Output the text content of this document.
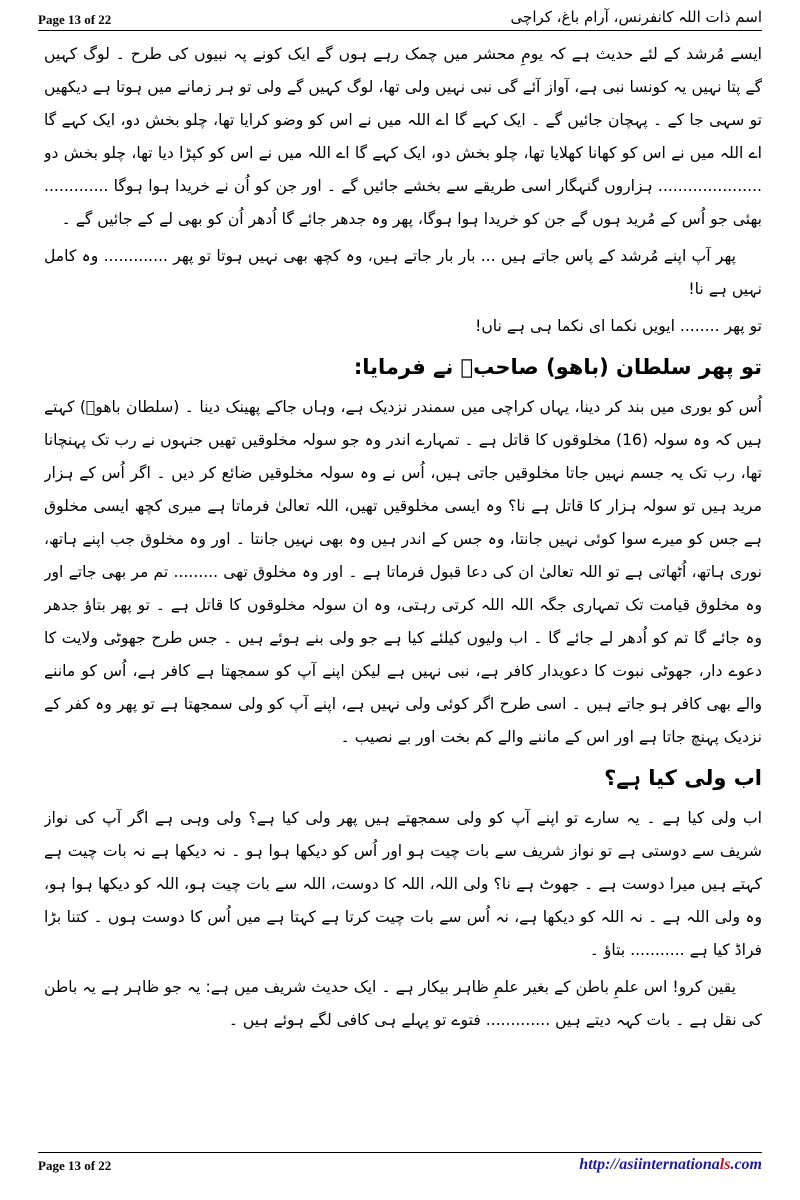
Page 13 of 22	اسم ذات اللہ کانفرنس، آرام باغ، کراچی

ایسے مُرشد کے لئے حدیث ہے کہ یومِ محشر میں چمک رہے ہوں گے ایک کونے پہ نبیوں کی طرح ۔ لوگ کہیں گے پتا نہیں یہ کونسا نبی ہے، آواز آئے گی نبی نہیں ولی تھا، لوگ کہیں گے ولی تو ہر زمانے میں ہوتا ہے دیکھیں تو سہی جا کے ۔ پہچان جائیں گے ۔ ایک کہے گا اے اللہ میں نے اس کو وضو کرایا تھا، چلو بخش دو، ایک کہے گا اے اللہ میں نے اس کو کھانا کھلایا تھا، چلو بخش دو، ایک کہے گا اے اللہ میں نے اس کو کپڑا دیا تھا، چلو بخش دو ..................... ہزاروں گنہگار اسی طریقے سے بخشے جائیں گے ۔ اور جن کو اُن نے خریدا ہوا ہوگا ............. بھئی جو اُس کے مُرید ہوں گے جن کو خریدا ہوا ہوگا، پھر وہ جدھر جائے گا اُدھر اُن کو بھی لے کے جائیں گے ۔

پھر آپ اپنے مُرشد کے پاس جاتے ہیں ... بار بار جاتے ہیں، وہ کچھ بھی نہیں ہوتا تو پھر ............. وہ کامل نہیں ہے نا!

تو پھر ........ ایویں نکما ای نکما ہی ہے ناں!

تو پھر سلطان (باھو) صاحبؒ نے فرمایا:

اُس کو بوری میں بند کر دینا، یہاں کراچی میں سمندر نزدیک ہے، وہاں جاکے پھینک دینا ۔ (سلطان باھوؒ) کہتے ہیں کہ وہ سولہ (16) مخلوقوں کا قاتل ہے ۔ تمہارے اندر وہ جو سولہ مخلوقیں تھیں جنہوں نے رب تک پہنچانا تھا، رب تک یہ جسم نہیں جاتا مخلوقیں جاتی ہیں، اُس نے وہ سولہ مخلوقیں ضائع کر دیں ۔ اگر اُس کے ہزار مرید ہیں تو سولہ ہزار کا قاتل ہے نا؟ وہ ایسی مخلوقیں تھیں، اللہ تعالیٰ فرماتا ہے میری کچھ ایسی مخلوق ہے جس کو میرے سوا کوئی نہیں جانتا، وہ جس کے اندر ہیں وہ بھی نہیں جانتا ۔ اور وہ مخلوق جب اپنے ہاتھ، نوری ہاتھ، اُٹھاتی ہے تو اللہ تعالیٰ ان کی دعا قبول فرماتا ہے ۔ اور وہ مخلوق تھی ......... تم مر بھی جاتے اور وہ مخلوق قیامت تک تمہاری جگہ اللہ اللہ کرتی رہتی، وہ ان سولہ مخلوقوں کا قاتل ہے ۔ تو پھر بتاؤ جدھر وہ جائے گا تم کو اُدھر لے جائے گا ۔ اب ولیوں کیلئے کیا ہے جو ولی بنے ہوئے ہیں ۔ جس طرح جھوٹی ولایت کا دعوے دار، جھوٹی نبوت کا دعویدار کافر ہے، نبی نہیں ہے لیکن اپنے آپ کو سمجھتا ہے کافر ہے، اُس کو ماننے والے بھی کافر ہو جاتے ہیں ۔ اسی طرح اگر کوئی ولی نہیں ہے، اپنے آپ کو ولی سمجھتا ہے تو پھر وہ کفر کے نزدیک پہنچ جاتا ہے اور اس کے ماننے والے کم بخت اور بے نصیب ۔

اب ولی کیا ہے؟

اب ولی کیا ہے ۔ یہ سارے تو اپنے آپ کو ولی سمجھتے ہیں پھر ولی کیا ہے؟ ولی وہی ہے اگر آپ کی نواز شریف سے دوستی ہے تو نواز شریف سے بات چیت ہو اور اُس کو دیکھا ہوا ہو ۔ نہ دیکھا ہے نہ بات چیت ہے کہتے ہیں میرا دوست ہے ۔ جھوٹ ہے نا؟ ولی اللہ، اللہ کا دوست، اللہ سے بات چیت ہو، اللہ کو دیکھا ہوا ہو، وہ ولی اللہ ہے ۔ نہ اللہ کو دیکھا ہے، نہ اُس سے بات چیت کرتا ہے کہتا ہے میں اُس کا دوست ہوں ۔ کتنا بڑا فراڈ کیا ہے ........... بتاؤ ۔

یقین کرو! اس علمِ باطن کے بغیر علمِ ظاہر بیکار ہے ۔ ایک حدیث شریف میں ہے: یہ جو ظاہر ہے یہ باطن کی نقل ہے ۔ بات کہہ دیتے ہیں ............. فتوے تو پہلے ہی کافی لگے ہوئے ہیں ۔

Page 13 of 22	http://asiinternationals.com
